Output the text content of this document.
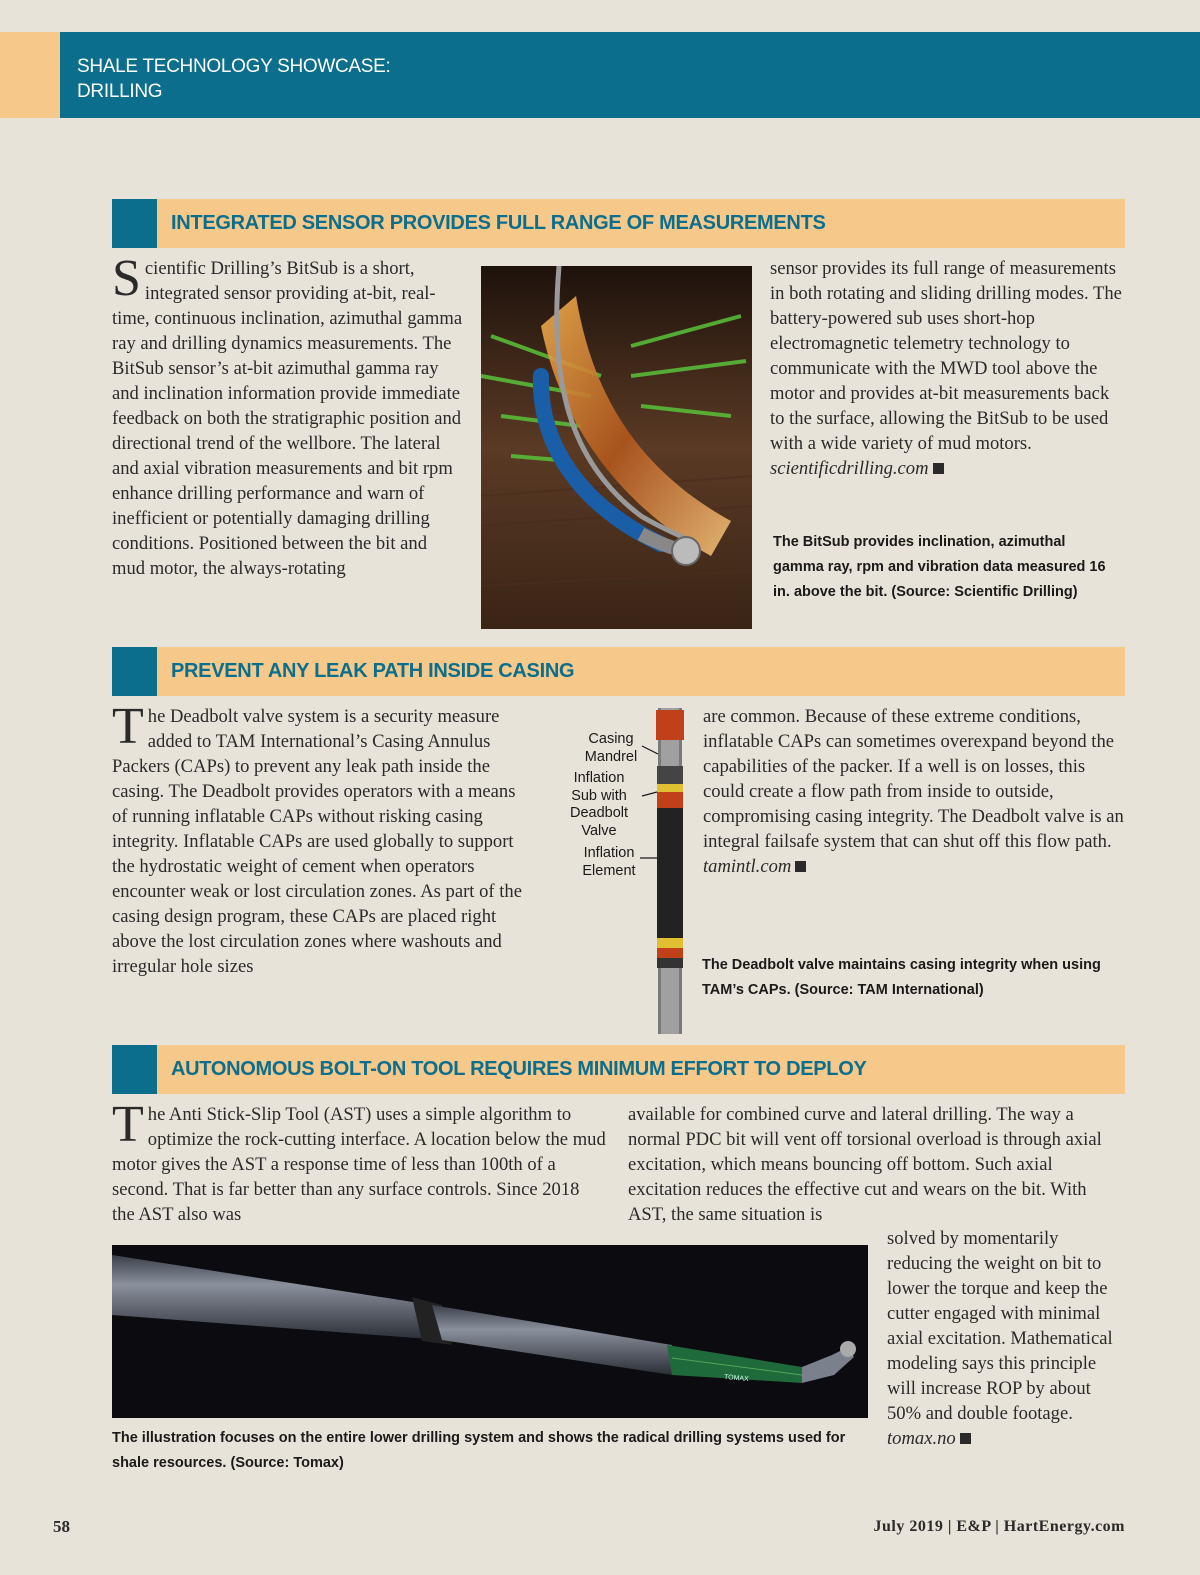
SHALE TECHNOLOGY SHOWCASE:
DRILLING
INTEGRATED SENSOR PROVIDES FULL RANGE OF MEASUREMENTS

Scientific Drilling’s BitSub is a short, integrated sensor providing at-bit, real-time, continuous inclination, azimuthal gamma ray and drilling dynamics measurements. The BitSub sensor’s at-bit azimuthal gamma ray and inclination information provide immediate feedback on both the stratigraphic position and directional trend of the wellbore. The lateral and axial vibration measurements and bit rpm enhance drilling performance and warn of inefficient or potentially damaging drilling conditions. Positioned between the bit and mud motor, the always-rotating

sensor provides its full range of measurements in both rotating and sliding drilling modes. The battery-powered sub uses short-hop electromagnetic telemetry technology to communicate with the MWD tool above the motor and provides at-bit measurements back to the surface, allowing the BitSub to be used with a wide variety of mud motors.
scientificdrilling.com

The BitSub provides inclination, azimuthal gamma ray, rpm and vibration data measured 16 in. above the bit. (Source: Scientific Drilling)
PREVENT ANY LEAK PATH INSIDE CASING

The Deadbolt valve system is a security measure added to TAM International’s Casing Annulus Packers (CAPs) to prevent any leak path inside the casing. The Deadbolt provides operators with a means of running inflatable CAPs without risking casing integrity. Inflatable CAPs are used globally to support the hydrostatic weight of cement when operators encounter weak or lost circulation zones. As part of the casing design program, these CAPs are placed right above the lost circulation zones where washouts and irregular hole sizes

Casing
Mandrel
Inflation
Sub with
Deadbolt
Valve
Inflation
Element

are common. Because of these extreme conditions, inflatable CAPs can sometimes overexpand beyond the capabilities of the packer. If a well is on losses, this could create a flow path from inside to outside, compromising casing integrity. The Deadbolt valve is an integral failsafe system that can shut off this flow path.
tamintl.com

The Deadbolt valve maintains casing integrity when using TAM’s CAPs. (Source: TAM International)
AUTONOMOUS BOLT-ON TOOL REQUIRES MINIMUM EFFORT TO DEPLOY

The Anti Stick-Slip Tool (AST) uses a simple algorithm to optimize the rock-cutting interface. A location below the mud motor gives the AST a response time of less than 100th of a second. That is far better than any surface controls. Since 2018 the AST also was

available for combined curve and lateral drilling. The way a normal PDC bit will vent off torsional overload is through axial excitation, which means bouncing off bottom. Such axial excitation reduces the effective cut and wears on the bit. With AST, the same situation is

TOMAX
The illustration focuses on the entire lower drilling system and shows the radical drilling systems used for shale resources. (Source: Tomax)

solved by momentarily reducing the weight on bit to lower the torque and keep the cutter engaged with minimal axial excitation. Mathematical modeling says this principle will increase ROP by about 50% and double footage. tomax.no

58	July 2019 | E&P | HartEnergy.com
